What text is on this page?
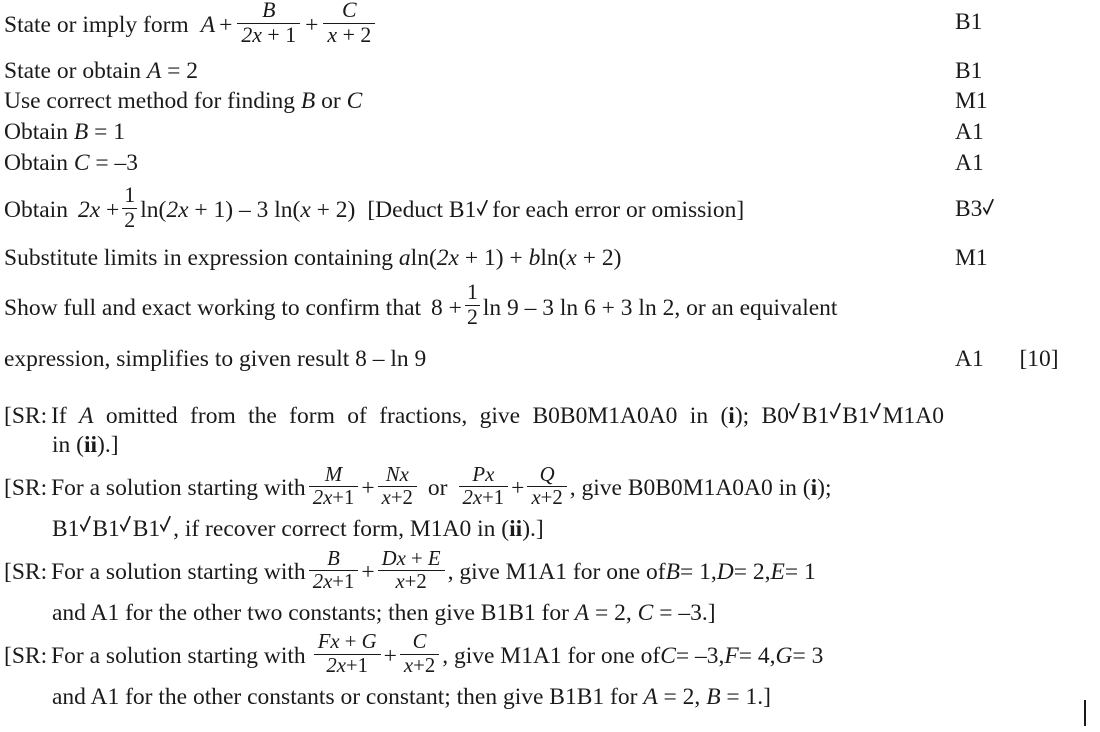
State or imply form $A + \frac{B}{2x + 1} + \frac{C}{x + 2}$	B1
State or obtain A = 2	B1
Use correct method for finding B or C	M1
Obtain B = 1	A1
Obtain C = –3	A1
Obtain $2x + \frac{1}{2} \ln(2x + 1) - 3$ ln(x + 2) [Deduct B1 for each error or omission]	B3
Substitute limits in expression containing aln(2x + 1) + bln(x + 2)	M1
Show full and exact working to confirm that $8 + \frac{1}{2}$ ln 9 – 3 ln 6 + 3 ln 2 , or an equivalent
expression, simplifies to given result 8 – ln 9	A1 [10]
[SR: If A omitted from the form of fractions, give B0B0M1A0A0 in (i); B0 B1 B1 M1A0
in (ii).]
[SR: For a solution starting with $\frac{M}{2x+1} + \frac{Nx}{x+2}$ or $\frac{Px}{2x+1} + \frac{Q}{x+2}$ , give B0B0M1A0A0 in ( i );
B1 B1 B1 , if recover correct form, M1A0 in (ii).]
[SR: For a solution starting with $\frac{B}{2x+1} + \frac{Dx + E}{x+2}$ , give M1A1 for one of B = 1, D = 2, E = 1
and A1 for the other two constants; then give B1B1 for A = 2, C = –3.]
[SR: For a solution starting with $\frac{Fx + G}{2x+1} + \frac{C}{x+2}$ , give M1A1 for one of C = –3, F = 4, G = 3
and A1 for the other constants or constant; then give B1B1 for A = 2, B = 1.]
